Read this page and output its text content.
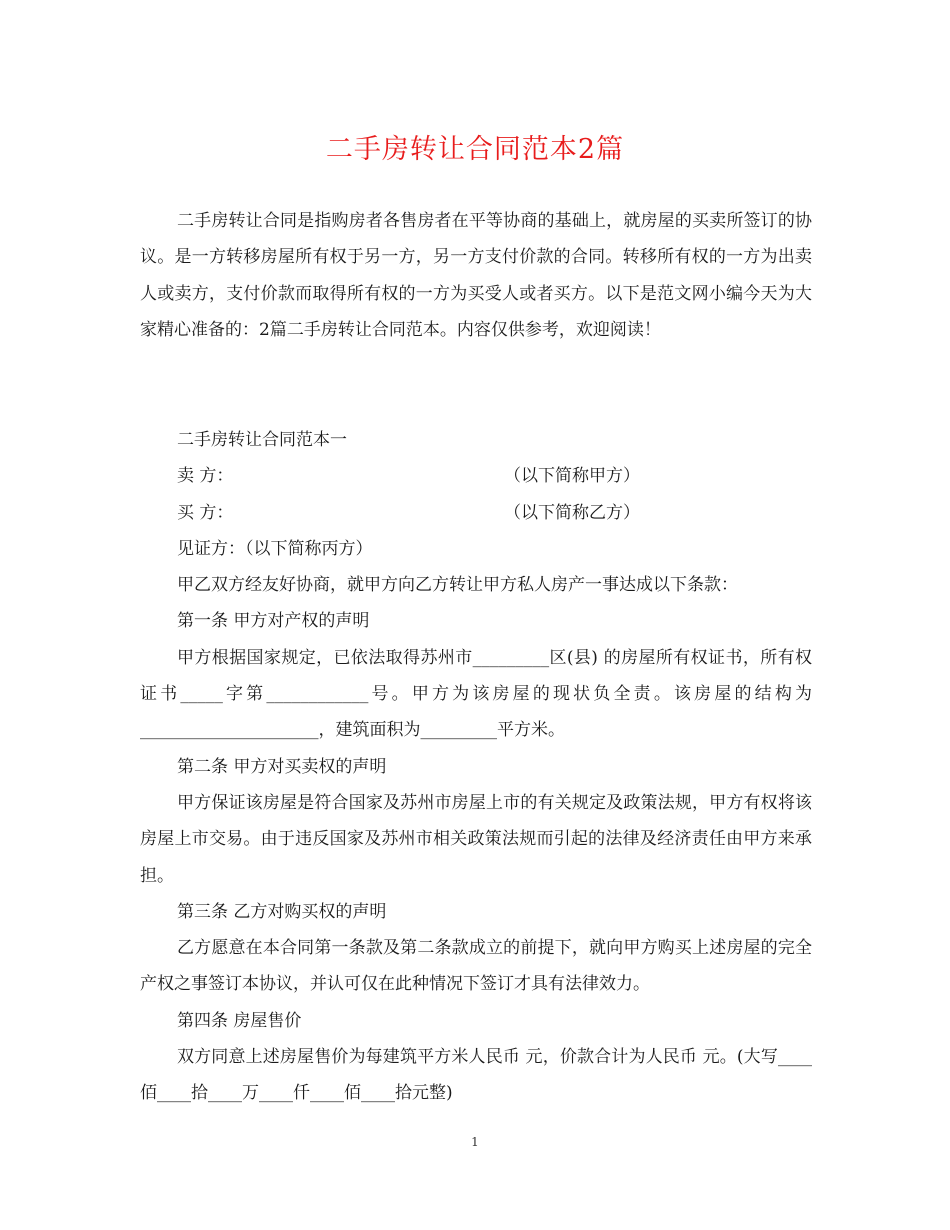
二手房转让合同范本2篇

二手房转让合同是指购房者各售房者在平等协商的基础上，就房屋的买卖所签订的协议。是一方转移房屋所有权于另一方，另一方支付价款的合同。转移所有权的一方为出卖人或卖方，支付价款而取得所有权的一方为买受人或者买方。以下是范文网小编今天为大家精心准备的：2篇二手房转让合同范本。内容仅供参考，欢迎阅读！

二手房转让合同范本一

卖 方：	（以下简称甲方）
买 方：	（以下简称乙方）

见证方：（以下简称丙方）

甲乙双方经友好协商，就甲方向乙方转让甲方私人房产一事达成以下条款：

第一条 甲方对产权的声明

甲方根据国家规定，已依法取得苏州市_________区(县) 的房屋所有权证书，所有权证书_____字第____________号。甲方为该房屋的现状负全责。该房屋的结构为 _____________________，建筑面积为_________平方米。

第二条 甲方对买卖权的声明

甲方保证该房屋是符合国家及苏州市房屋上市的有关规定及政策法规，甲方有权将该房屋上市交易。由于违反国家及苏州市相关政策法规而引起的法律及经济责任由甲方来承担。

第三条 乙方对购买权的声明

乙方愿意在本合同第一条款及第二条款成立的前提下，就向甲方购买上述房屋的完全产权之事签订本协议，并认可仅在此种情况下签订才具有法律效力。

第四条 房屋售价

双方同意上述房屋售价为每建筑平方米人民币 元，价款合计为人民币 元。(大写____佰____拾____万____仟____佰____拾元整)

1
